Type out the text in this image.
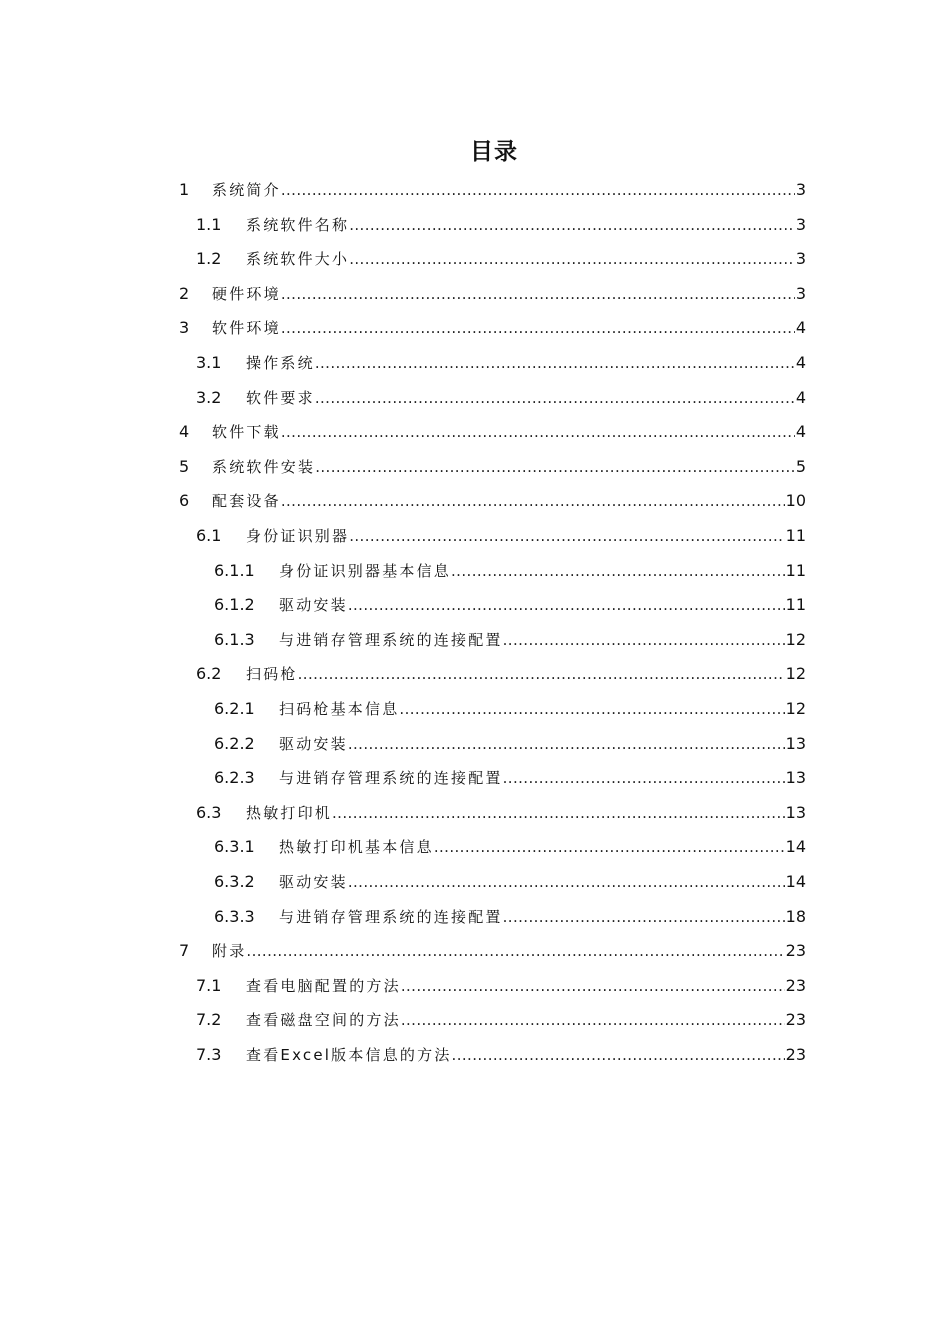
目录
1	系统简介 .....	3
1.1	系统软件名称 .....	3
1.2	系统软件大小 .....	3
2	硬件环境 .....	3
3	软件环境 .....	4
3.1	操作系统 .....	4
3.2	软件要求 .....	4
4	软件下载 .....	4
5	系统软件安装 .....	5
6	配套设备 .....	10
6.1	身份证识别器 .....	11
6.1.1	身份证识别器基本信息 .....	11
6.1.2	驱动安装 .....	11
6.1.3	与进销存管理系统的连接配置 .....	12
6.2	扫码枪 .....	12
6.2.1	扫码枪基本信息 .....	12
6.2.2	驱动安装 .....	13
6.2.3	与进销存管理系统的连接配置 .....	13
6.3	热敏打印机 .....	13
6.3.1	热敏打印机基本信息 .....	14
6.3.2	驱动安装 .....	14
6.3.3	与进销存管理系统的连接配置 .....	18
7	附录 .....	23
7.1	查看电脑配置的方法 .....	23
7.2	查看磁盘空间的方法 .....	23
7.3	查看Excel版本信息的方法 .....	23
